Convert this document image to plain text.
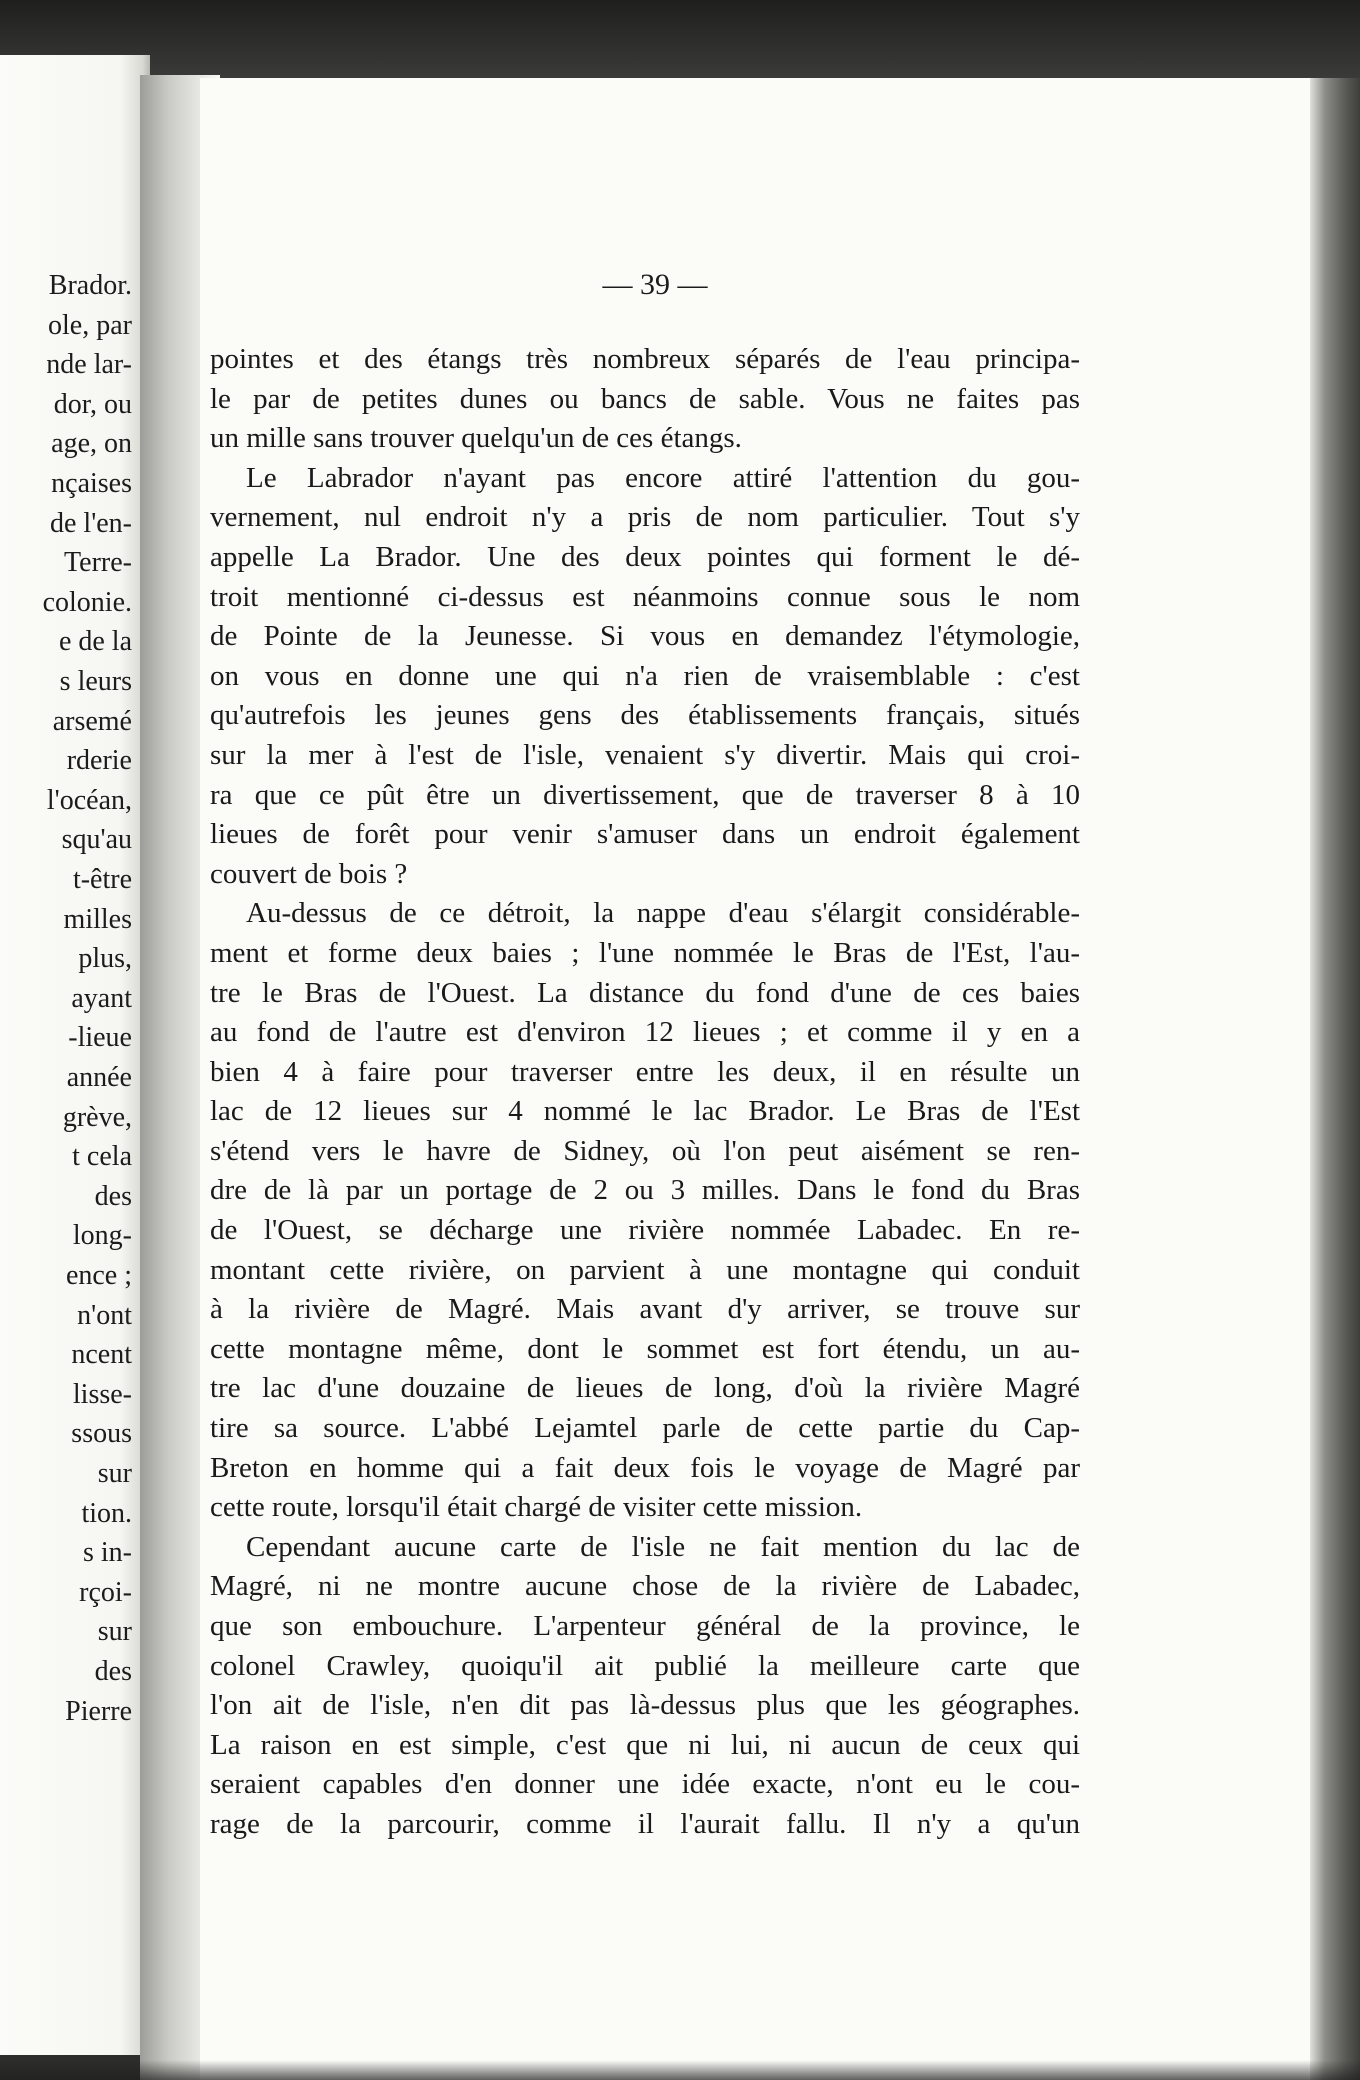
Brador.
ole, par
nde lar-
dor, ou
age, on
nçaises
de l'en-
Terre-
colonie.
e de la
s leurs
arsemé
rderie
l'océan,
squ'au
t-être
milles
plus,
ayant
-lieue
année
grève,
t cela
des
long-
ence ;
n'ont
ncent
lisse-
ssous
sur
tion.
s in-
rçoi-
sur
des
Pierre
— 39 —
pointes et des étangs très nombreux séparés de l'eau principa-
le par de petites dunes ou bancs de sable. Vous ne faites pas
un mille sans trouver quelqu'un de ces étangs.
Le Labrador n'ayant pas encore attiré l'attention du gou-
vernement, nul endroit n'y a pris de nom particulier. Tout s'y
appelle La Brador. Une des deux pointes qui forment le dé-
troit mentionné ci-dessus est néanmoins connue sous le nom
de Pointe de la Jeunesse. Si vous en demandez l'étymologie,
on vous en donne une qui n'a rien de vraisemblable : c'est
qu'autrefois les jeunes gens des établissements français, situés
sur la mer à l'est de l'isle, venaient s'y divertir. Mais qui croi-
ra que ce pût être un divertissement, que de traverser 8 à 10
lieues de forêt pour venir s'amuser dans un endroit également
couvert de bois ?
Au-dessus de ce détroit, la nappe d'eau s'élargit considérable-
ment et forme deux baies ; l'une nommée le Bras de l'Est, l'au-
tre le Bras de l'Ouest. La distance du fond d'une de ces baies
au fond de l'autre est d'environ 12 lieues ; et comme il y en a
bien 4 à faire pour traverser entre les deux, il en résulte un
lac de 12 lieues sur 4 nommé le lac Brador. Le Bras de l'Est
s'étend vers le havre de Sidney, où l'on peut aisément se ren-
dre de là par un portage de 2 ou 3 milles. Dans le fond du Bras
de l'Ouest, se décharge une rivière nommée Labadec. En re-
montant cette rivière, on parvient à une montagne qui conduit
à la rivière de Magré. Mais avant d'y arriver, se trouve sur
cette montagne même, dont le sommet est fort étendu, un au-
tre lac d'une douzaine de lieues de long, d'où la rivière Magré
tire sa source. L'abbé Lejamtel parle de cette partie du Cap-
Breton en homme qui a fait deux fois le voyage de Magré par
cette route, lorsqu'il était chargé de visiter cette mission.
Cependant aucune carte de l'isle ne fait mention du lac de
Magré, ni ne montre aucune chose de la rivière de Labadec,
que son embouchure. L'arpenteur général de la province, le
colonel Crawley, quoiqu'il ait publié la meilleure carte que
l'on ait de l'isle, n'en dit pas là-dessus plus que les géographes.
La raison en est simple, c'est que ni lui, ni aucun de ceux qui
seraient capables d'en donner une idée exacte, n'ont eu le cou-
rage de la parcourir, comme il l'aurait fallu. Il n'y a qu'un
